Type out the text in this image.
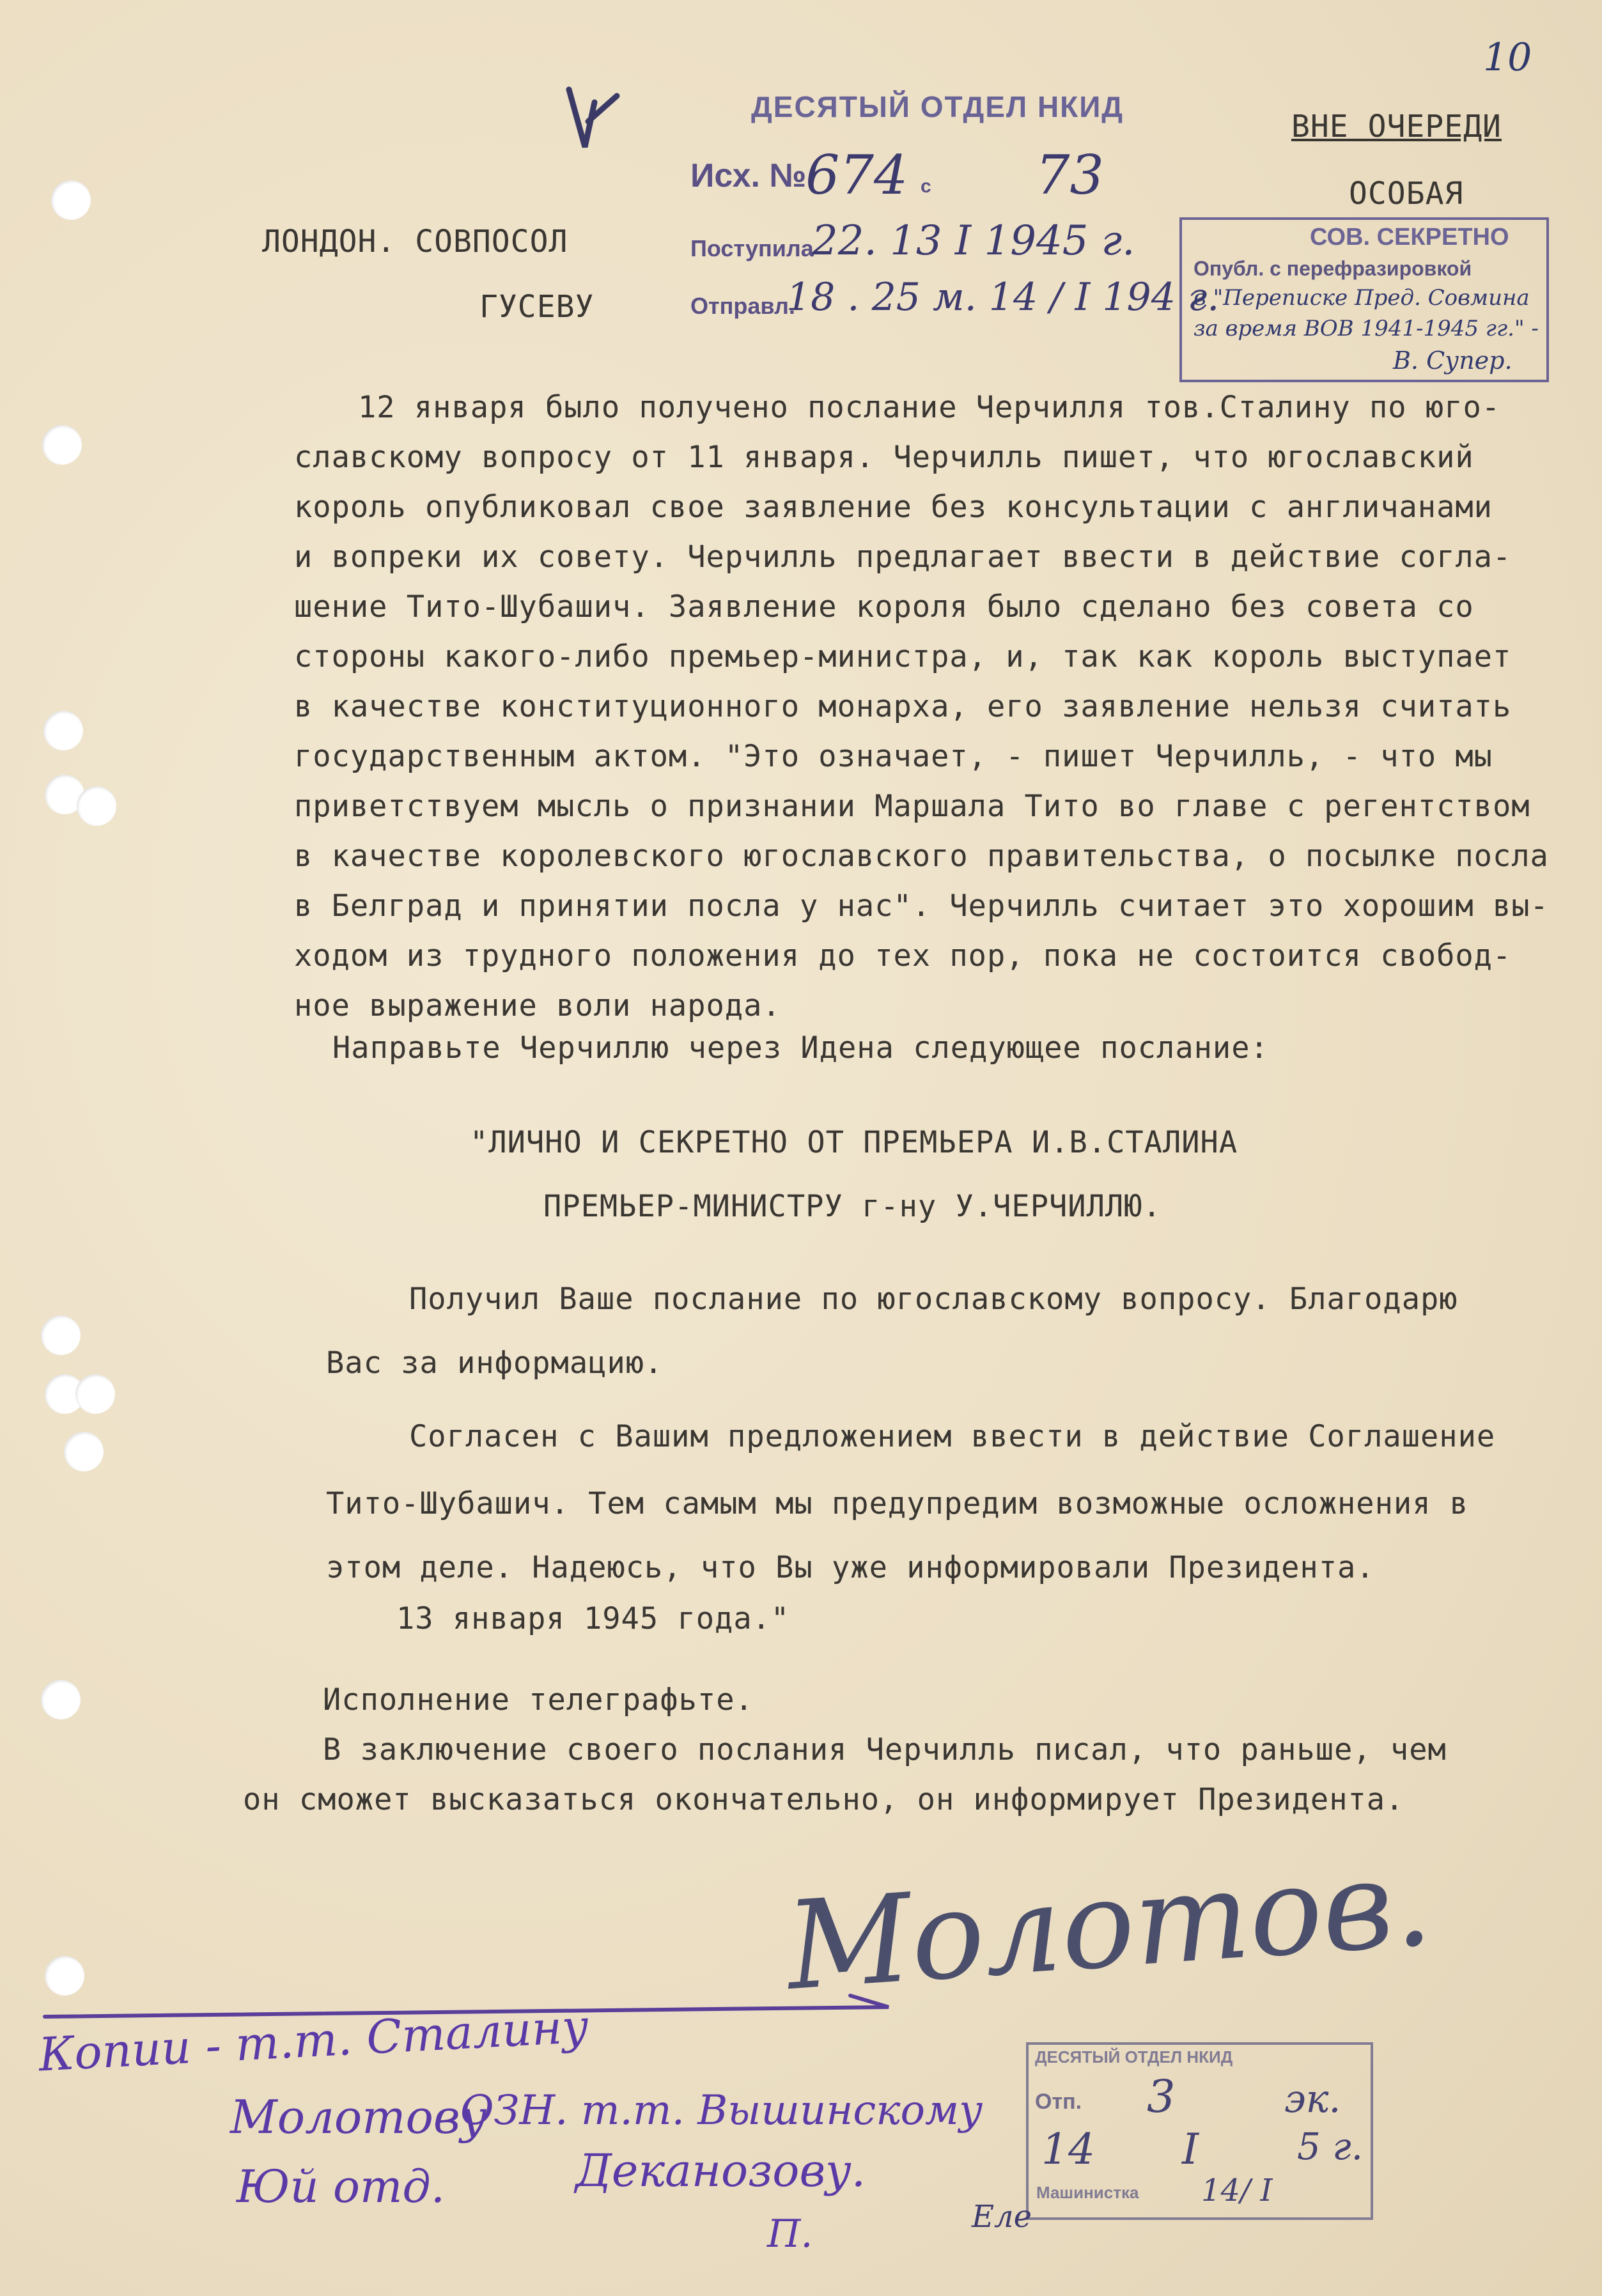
10
ДЕСЯТЫЙ ОТДЕЛ НКИД
Исх. №
674 с 73
Поступила
22. 13 I 1945 г.
Отправл.
18 . 25 м. 14 / I 194 г.
ВНЕ ОЧЕРЕДИ
ОСОБАЯ
СОВ. СЕКРЕТНО
Опубл. с перефразировкой
в "Переписке Пред. Совмина
за время ВОВ 1941-1945 гг." -
В. Супер.
ЛОНДОН. СОВПОСОЛ
ГУСЕВУ
12 января было получено послание Черчилля тов.Сталину по юго-
славскому вопросу от 11 января. Черчилль пишет, что югославский
король опубликовал свое заявление без консультации с англичанами
и вопреки их совету. Черчилль предлагает ввести в действие согла-
шение Тито-Шубашич. Заявление короля было сделано без совета со
стороны какого-либо премьер-министра, и, так как король выступает
в качестве конституционного монарха, его заявление нельзя считать
государственным актом. "Это означает, - пишет Черчилль, - что мы
приветствуем мысль о признании Маршала Тито во главе с регентством
в качестве королевского югославского правительства, о посылке посла
в Белград и принятии посла у нас". Черчилль считает это хорошим вы-
ходом из трудного положения до тех пор, пока не состоится свобод-
ное выражение воли народа.
Направьте Черчиллю через Идена следующее послание:
"ЛИЧНО И СЕКРЕТНО ОТ ПРЕМЬЕРА И.В.СТАЛИНА
ПРЕМЬЕР-МИНИСТРУ г-ну У.ЧЕРЧИЛЛЮ.
Получил Ваше послание по югославскому вопросу. Благодарю
Вас за информацию.
Согласен с Вашим предложением ввести в действие Соглашение
Тито-Шубашич. Тем самым мы предупредим возможные осложнения в
этом деле. Надеюсь, что Вы уже информировали Президента.
13 января 1945 года."
Исполнение телеграфьте.
В заключение своего послания Черчилль писал, что раньше, чем
он сможет высказаться окончательно, он информирует Президента.
Молотов.
Копии - т.т. Сталину
Молотову
ОЗН. т.т. Вышинскому
Юй отд.	Деканозову.
П.
ДЕСЯТЫЙ ОТДЕЛ НКИД
Отп. 3	эк.
14 I	5 г.
Машинистка 14/ I
Еле
